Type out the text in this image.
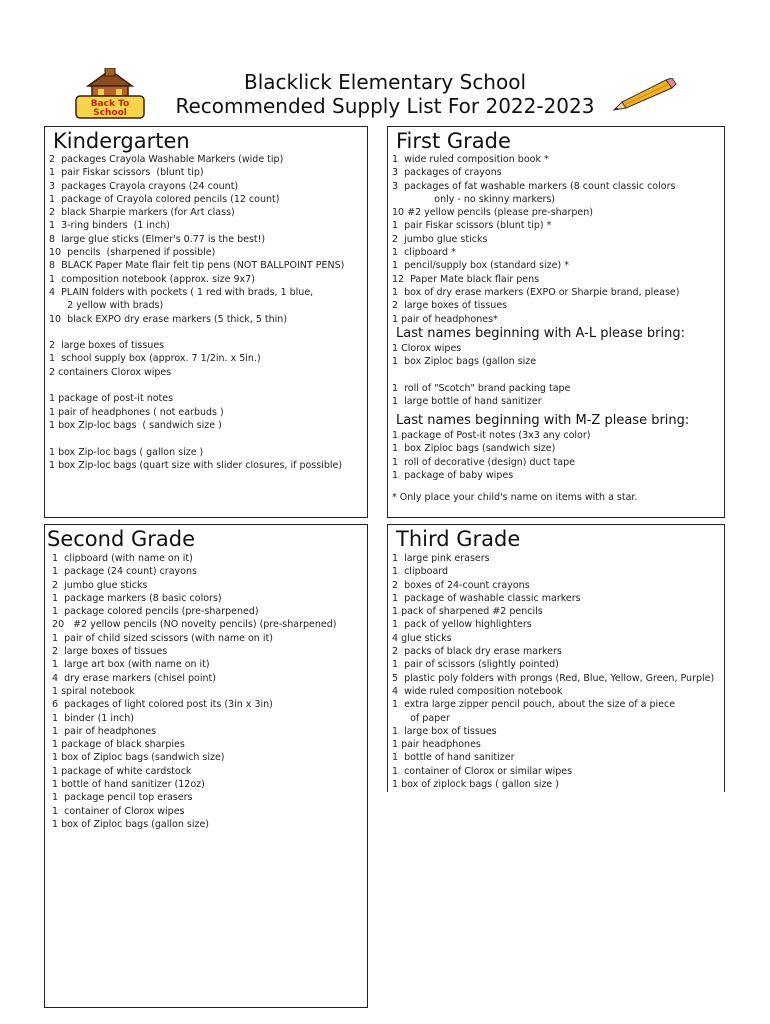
Back To
School
Blacklick Elementary School
Recommended Supply List For 2022-2023
Kindergarten
2  packages Crayola Washable Markers (wide tip)
1  pair Fiskar scissors  (blunt tip)
3  packages Crayola crayons (24 count)
1  package of Crayola colored pencils (12 count)
2  black Sharpie markers (for Art class)
1  3-ring binders  (1 inch)
8  large glue sticks (Elmer's 0.77 is the best!)
10  pencils  (sharpened if possible)
8  BLACK Paper Mate flair felt tip pens (NOT BALLPOINT PENS)
1  composition notebook (approx. size 9x7)
4  PLAIN folders with pockets ( 1 red with brads, 1 blue,
2 yellow with brads)
10  black EXPO dry erase markers (5 thick, 5 thin)
2  large boxes of tissues
1  school supply box (approx. 7 1/2in. x 5in.)
2 containers Clorox wipes
1 package of post-it notes
1 pair of headphones ( not earbuds )
1 box Zip-loc bags  ( sandwich size )
1 box Zip-loc bags ( gallon size )
1 box Zip-loc bags (quart size with slider closures, if possible)
First Grade
1  wide ruled composition book *
3  packages of crayons
3  packages of fat washable markers (8 count classic colors
only - no skinny markers)
10 #2 yellow pencils (please pre-sharpen)
1  pair Fiskar scissors (blunt tip) *
2  jumbo glue sticks
1  clipboard *
1  pencil/supply box (standard size) *
12  Paper Mate black flair pens
1  box of dry erase markers (EXPO or Sharpie brand, please)
2  large boxes of tissues
1 pair of headphones*
Last names beginning with A-L please bring:
1 Clorox wipes
1  box Ziploc bags (gallon size
1  roll of "Scotch" brand packing tape
1  large bottle of hand sanitizer
Last names beginning with M-Z please bring:
1 package of Post-it notes (3x3 any color)
1  box Ziploc bags (sandwich size)
1  roll of decorative (design) duct tape
1  package of baby wipes
* Only place your child's name on items with a star.
Second Grade
1  clipboard (with name on it)
1  package (24 count) crayons
2  jumbo glue sticks
1  package markers (8 basic colors)
1  package colored pencils (pre-sharpened)
20   #2 yellow pencils (NO novelty pencils) (pre-sharpened)
1  pair of child sized scissors (with name on it)
2  large boxes of tissues
1  large art box (with name on it)
4  dry erase markers (chisel point)
1 spiral notebook
6  packages of light colored post its (3in x 3in)
1  binder (1 inch)
1  pair of headphones
1 package of black sharpies
1 box of Ziploc bags (sandwich size)
1 package of white cardstock
1 bottle of hand sanitizer (12oz)
1  package pencil top erasers
1  container of Clorox wipes
1 box of Ziploc bags (gallon size)
Third Grade
1  large pink erasers
1  clipboard
2  boxes of 24-count crayons
1  package of washable classic markers
1 pack of sharpened #2 pencils
1  pack of yellow highlighters
4 glue sticks
2  packs of black dry erase markers
1  pair of scissors (slightly pointed)
5  plastic poly folders with prongs (Red, Blue, Yellow, Green, Purple)
4  wide ruled composition notebook
1  extra large zipper pencil pouch, about the size of a piece
of paper
1  large box of tissues
1 pair headphones
1  bottle of hand sanitizer
1  container of Clorox or similar wipes
1 box of ziplock bags ( gallon size )
